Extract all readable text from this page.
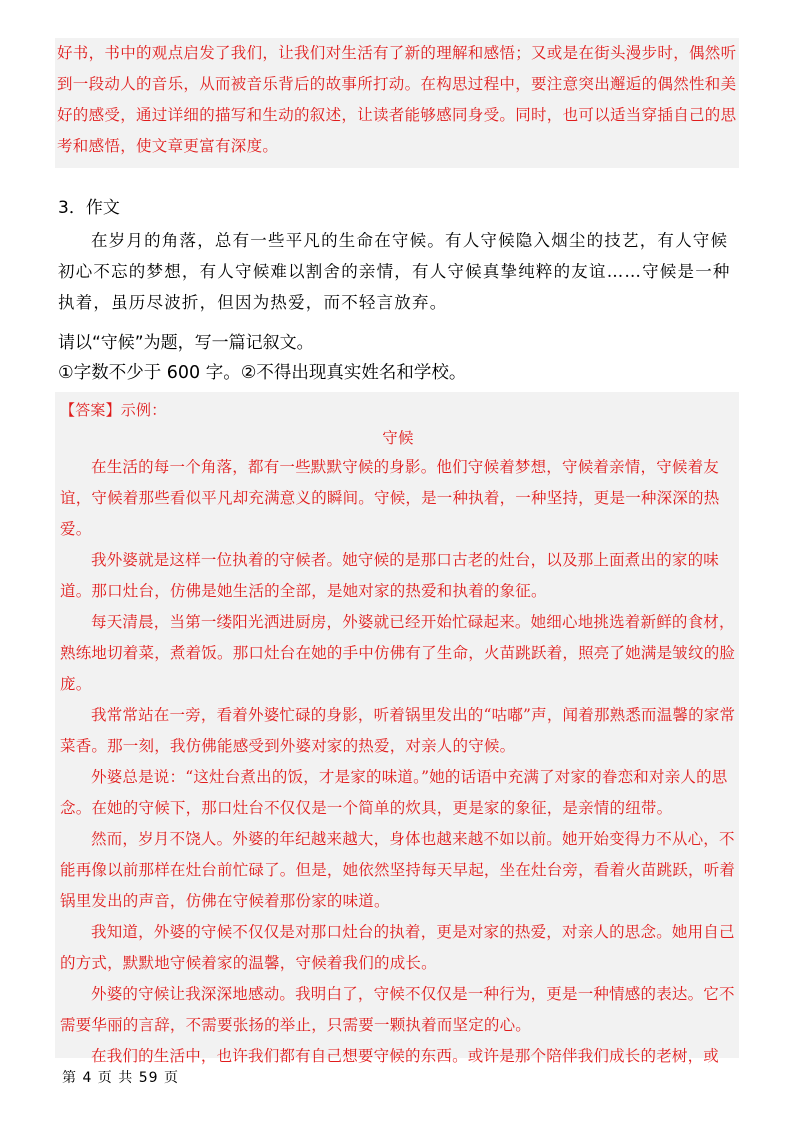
好书，书中的观点启发了我们，让我们对生活有了新的理解和感悟；又或是在街头漫步时，偶然听

到一段动人的音乐，从而被音乐背后的故事所打动。在构思过程中，要注意突出邂逅的偶然性和美

好的感受，通过详细的描写和生动的叙述，让读者能够感同身受。同时，也可以适当穿插自己的思

考和感悟，使文章更富有深度。

3．作文

在岁月的角落，总有一些平凡的生命在守候。有人守候隐入烟尘的技艺，有人守候初心不忘的梦想，有人守候难以割舍的亲情，有人守候真挚纯粹的友谊……守候是一种执着，虽历尽波折，但因为热爱，而不轻言放弃。

请以“守候”为题，写一篇记叙文。

①字数不少于 600 字。②不得出现真实姓名和学校。

【答案】示例：

守候

在生活的每一个角落，都有一些默默守候的身影。他们守候着梦想，守候着亲情，守候着友谊，守候着那些看似平凡却充满意义的瞬间。守候，是一种执着，一种坚持，更是一种深深的热爱。

我外婆就是这样一位执着的守候者。她守候的是那口古老的灶台，以及那上面煮出的家的味道。那口灶台，仿佛是她生活的全部，是她对家的热爱和执着的象征。

每天清晨，当第一缕阳光洒进厨房，外婆就已经开始忙碌起来。她细心地挑选着新鲜的食材，熟练地切着菜，煮着饭。那口灶台在她的手中仿佛有了生命，火苗跳跃着，照亮了她满是皱纹的脸庞。

我常常站在一旁，看着外婆忙碌的身影，听着锅里发出的“咕嘟”声，闻着那熟悉而温馨的家常菜香。那一刻，我仿佛能感受到外婆对家的热爱，对亲人的守候。

外婆总是说：“这灶台煮出的饭，才是家的味道。”她的话语中充满了对家的眷恋和对亲人的思念。在她的守候下，那口灶台不仅仅是一个简单的炊具，更是家的象征，是亲情的纽带。

然而，岁月不饶人。外婆的年纪越来越大，身体也越来越不如以前。她开始变得力不从心，不能再像以前那样在灶台前忙碌了。但是，她依然坚持每天早起，坐在灶台旁，看着火苗跳跃，听着锅里发出的声音，仿佛在守候着那份家的味道。

我知道，外婆的守候不仅仅是对那口灶台的执着，更是对家的热爱，对亲人的思念。她用自己的方式，默默地守候着家的温馨，守候着我们的成长。

外婆的守候让我深深地感动。我明白了，守候不仅仅是一种行为，更是一种情感的表达。它不需要华丽的言辞，不需要张扬的举止，只需要一颗执着而坚定的心。

在我们的生活中，也许我们都有自己想要守候的东西。或许是那个陪伴我们成长的老树，或

第 4 页 共 59 页
